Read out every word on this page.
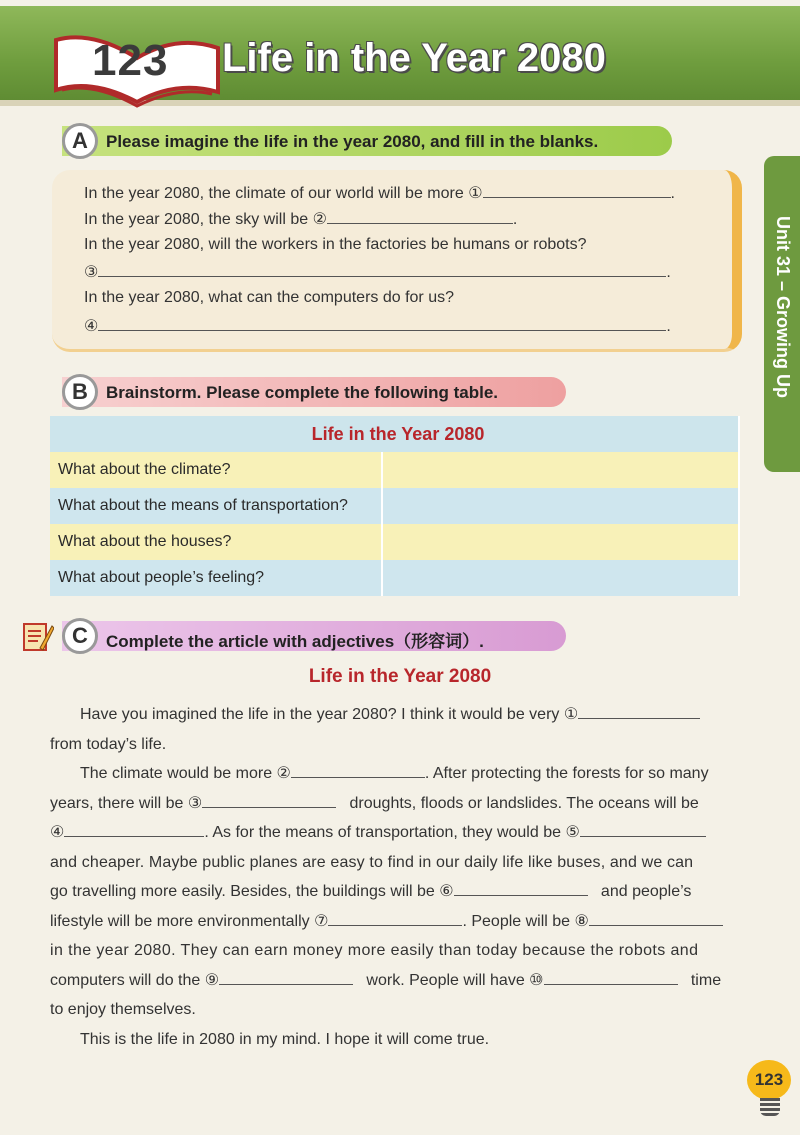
123 Life in the Year 2080
Unit 31 – Growing Up
Please imagine the life in the year 2080, and fill in the blanks.
A
In the year 2080, the climate of our world will be more ①	.
In the year 2080, the sky will be ②	.
In the year 2080, will the workers in the factories be humans or robots?
③	.
In the year 2080, what can the computers do for us?
④	.
Brainstorm. Please complete the following table.
B
Life in the Year 2080	
What about the climate?	
What about the means of transportation?	
What about the houses?	
What about people’s feeling?	
Complete the article with adjectives（形容词）.
C
Life in the Year 2080
Have you imagined the life in the year 2080? I think it would be very ①
from today’s life.
The climate would be more ②	. After protecting the forests for so many
years, there will be ③	droughts, floods or landslides. The oceans will be
④	. As for the means of transportation, they would be ⑤
and cheaper. Maybe public planes are easy to find in our daily life like buses, and we can
go travelling more easily. Besides, the buildings will be ⑥	and people’s
lifestyle will be more environmentally ⑦	. People will be ⑧
in the year 2080. They can earn money more easily than today because the robots and
computers will do the ⑨	work. People will have ⑩	time
to enjoy themselves.
This is the life in 2080 in my mind. I hope it will come true.
123
